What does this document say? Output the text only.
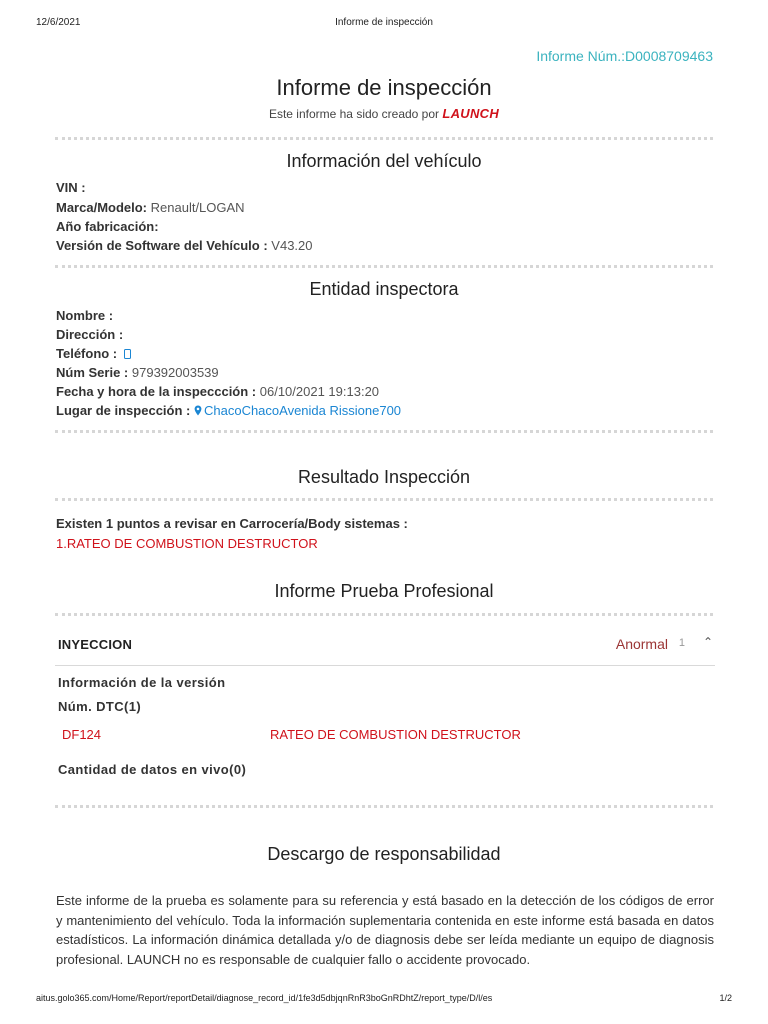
12/6/2021	Informe de inspección
Informe Núm.:D0008709463
Informe de inspección
Este informe ha sido creado por LAUNCH
Información del vehículo
VIN :
Marca/Modelo: Renault/LOGAN
Año fabricación:
Versión de Software del Vehículo : V43.20
Entidad inspectora
Nombre :
Dirección :
Teléfono :
Núm Serie : 979392003539
Fecha y hora de la inspeccción : 06/10/2021 19:13:20
Lugar de inspección : ChacoChacoAvenida Rissione700
Resultado Inspección
Existen 1 puntos a revisar en Carrocería/Body sistemas :
1.RATEO DE COMBUSTION DESTRUCTOR
Informe Prueba Profesional
INYECCION	Anormal 1 ⌃
Información de la versión
Núm. DTC(1)
DF124	RATEO DE COMBUSTION DESTRUCTOR
Cantidad de datos en vivo(0)
Descargo de responsabilidad
Este informe de la prueba es solamente para su referencia y está basado en la detección de los códigos de error y mantenimiento del vehículo. Toda la información suplementaria contenida en este informe está basada en datos estadísticos. La información dinámica detallada y/o de diagnosis debe ser leída mediante un equipo de diagnosis profesional. LAUNCH no es responsable de cualquier fallo o accidente provocado.
aitus.golo365.com/Home/Report/reportDetail/diagnose_record_id/1fe3d5dbjqnRnR3boGnRDhtZ/report_type/D/l/es	1/2
